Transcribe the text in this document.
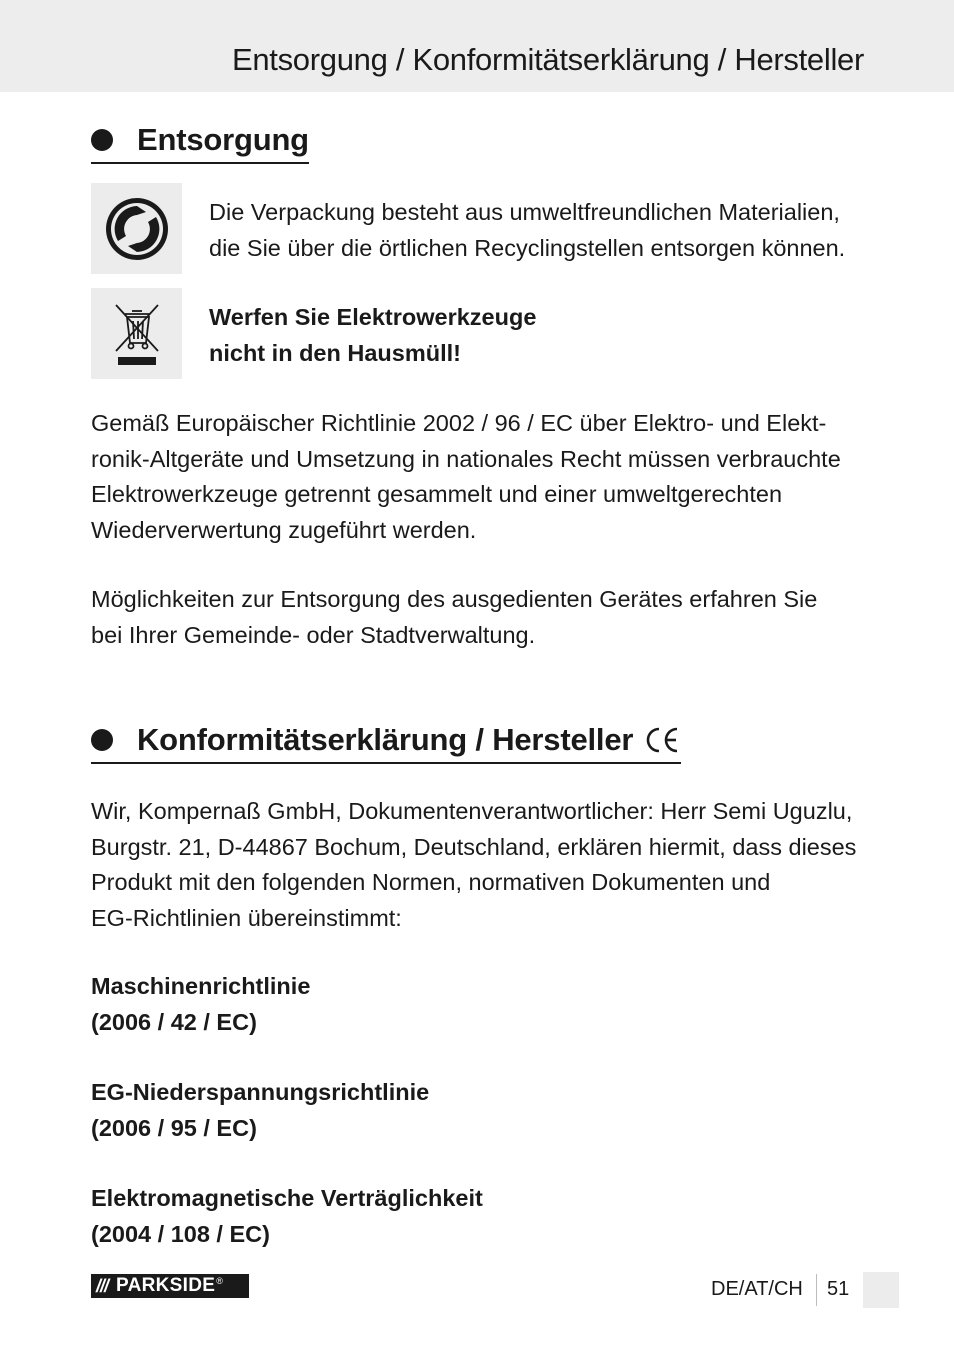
Entsorgung / Konformitätserklärung / Hersteller
Entsorgung
Die Verpackung besteht aus umweltfreundlichen Materialien,
die Sie über die örtlichen Recyclingstellen entsorgen können.
Werfen Sie Elektrowerkzeuge
nicht in den Hausmüll!
Gemäß Europäischer Richtlinie 2002 / 96 / EC über Elektro- und Elekt-
ronik-Altgeräte und Umsetzung in nationales Recht müssen verbrauchte
Elektrowerkzeuge getrennt gesammelt und einer umweltgerechten
Wiederverwertung zugeführt werden.
Möglichkeiten zur Entsorgung des ausgedienten Gerätes erfahren Sie
bei Ihrer Gemeinde- oder Stadtverwaltung.
Konformitätserklärung / Hersteller
Wir, Kompernaß GmbH, Dokumentenverantwortlicher: Herr Semi Uguzlu,
Burgstr. 21, D-44867 Bochum, Deutschland, erklären hiermit, dass dieses
Produkt mit den folgenden Normen, normativen Dokumenten und
EG-Richtlinien übereinstimmt:
Maschinenrichtlinie
(2006 / 42 / EC)
EG-Niederspannungsrichtlinie
(2006 / 95 / EC)
Elektromagnetische Verträglichkeit
(2004 / 108 / EC)
/// PARKSIDE ®	DE/AT/CH 51
